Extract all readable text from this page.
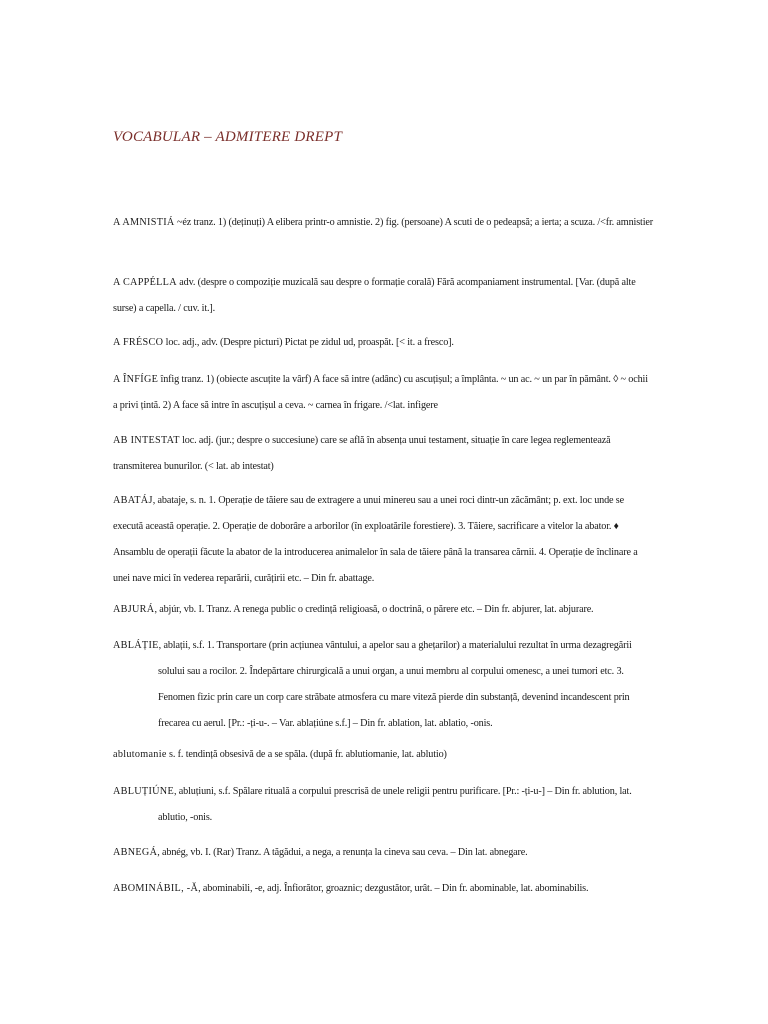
VOCABULAR – ADMITERE DREPT

A AMNISTIÁ ~éz tranz. 1) (deținuți) A elibera printr-o amnistie. 2) fig. (persoane) A scuti de o pedeapsă; a ierta; a scuza. /<fr. amnistier

A CAPPÉLLA adv. (despre o compoziție muzicală sau despre o formație corală) Fără acompaniament instrumental. [Var. (după alte surse) a capella. / cuv. it.].

A FRÉSCO loc. adj., adv. (Despre picturi) Pictat pe zidul ud, proaspăt. [< it. a fresco].

A ÎNFÍGE înfig tranz. 1) (obiecte ascuțite la vârf) A face să intre (adânc) cu ascuțișul; a împlânta. ~ un ac. ~ un par în pământ. ◊ ~ ochii a privi țintă. 2) A face să intre în ascuțișul a ceva. ~ carnea în frigare. /<lat. infigere

AB INTESTAT loc. adj. (jur.; despre o succesiune) care se află în absența unui testament, situație în care legea reglementează transmiterea bunurilor. (< lat. ab intestat)

ABATÁJ, abataje, s. n. 1. Operație de tăiere sau de extragere a unui minereu sau a unei roci dintr-un zăcământ; p. ext. loc unde se execută această operație. 2. Operație de doborâre a arborilor (în exploatările forestiere). 3. Tăiere, sacrificare a vitelor la abator. ♦ Ansamblu de operații făcute la abator de la introducerea animalelor în sala de tăiere până la transarea cărnii. 4. Operație de înclinare a unei nave mici în vederea reparării, curățirii etc. – Din fr. abattage.

ABJURÁ, abjúr, vb. I. Tranz. A renega public o credință religioasă, o doctrină, o părere etc. – Din fr. abjurer, lat. abjurare.

ABLÁȚIE, ablații, s.f. 1. Transportare (prin acțiunea vântului, a apelor sau a ghețarilor) a materialului rezultat în urma dezagregării solului sau a rocilor. 2. Îndepărtare chirurgicală a unui organ, a unui membru al corpului omenesc, a unei tumori etc. 3. Fenomen fizic prin care un corp care străbate atmosfera cu mare viteză pierde din substanță, devenind incandescent prin frecarea cu aerul. [Pr.: -ți-u-. – Var. ablațiúne s.f.] – Din fr. ablation, lat. ablatio, -onis.

ablutomanie s. f. tendință obsesivă de a se spăla. (după fr. ablutiomanie, lat. ablutio)

ABLUȚIÚNE, abluțiuni, s.f. Spălare rituală a corpului prescrisă de unele religii pentru purificare. [Pr.: -ți-u-] – Din fr. ablution, lat. ablutio, -onis.

ABNEGÁ, abnég, vb. I. (Rar) Tranz. A tăgădui, a nega, a renunța la cineva sau ceva. – Din lat. abnegare.

ABOMINÁBIL, -Ă, abominabili, -e, adj. Înfiorător, groaznic; dezgustător, urât. – Din fr. abominable, lat. abominabilis.
